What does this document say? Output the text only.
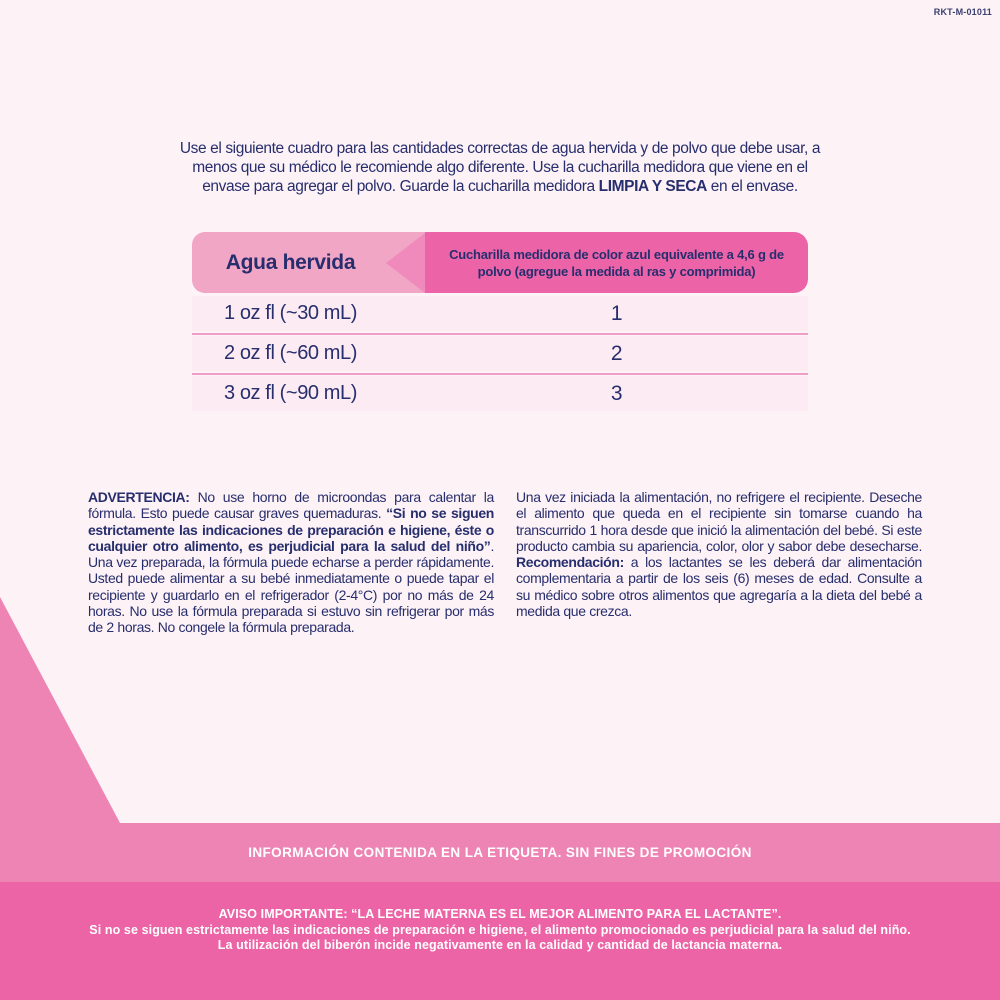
RKT-M-01011
Use el siguiente cuadro para las cantidades correctas de agua hervida y de polvo que debe usar, a menos que su médico le recomiende algo diferente. Use la cucharilla medidora que viene en el envase para agregar el polvo. Guarde la cucharilla medidora LIMPIA Y SECA en el envase.
Agua hervida	Cucharilla medidora de color azul equivalente a 4,6 g de polvo (agregue la medida al ras y comprimida)
1 oz fl (~30 mL)	1
2 oz fl (~60 mL)	2
3 oz fl (~90 mL)	3
ADVERTENCIA: No use horno de microondas para calentar la fórmula. Esto puede causar graves quemaduras. “Si no se siguen estrictamente las indicaciones de preparación e higiene, éste o cualquier otro alimento, es perjudicial para la salud del niño”. Una vez preparada, la fórmula puede echarse a perder rápidamente. Usted puede alimentar a su bebé inmediatamente o puede tapar el recipiente y guardarlo en el refrigerador (2-4°C) por no más de 24 horas. No use la fórmula preparada si estuvo sin refrigerar por más de 2 horas. No congele la fórmula preparada.
Una vez iniciada la alimentación, no refrigere el recipiente. Deseche el alimento que queda en el recipiente sin tomarse cuando ha transcurrido 1 hora desde que inició la alimentación del bebé. Si este producto cambia su apariencia, color, olor y sabor debe desecharse. Recomendación: a los lactantes se les deberá dar alimentación complementaria a partir de los seis (6) meses de edad. Consulte a su médico sobre otros alimentos que agregaría a la dieta del bebé a medida que crezca.
INFORMACIÓN CONTENIDA EN LA ETIQUETA. SIN FINES DE PROMOCIÓN
AVISO IMPORTANTE: “LA LECHE MATERNA ES EL MEJOR ALIMENTO PARA EL LACTANTE”.
Si no se siguen estrictamente las indicaciones de preparación e higiene, el alimento promocionado es perjudicial para la salud del niño.
La utilización del biberón incide negativamente en la calidad y cantidad de lactancia materna.
